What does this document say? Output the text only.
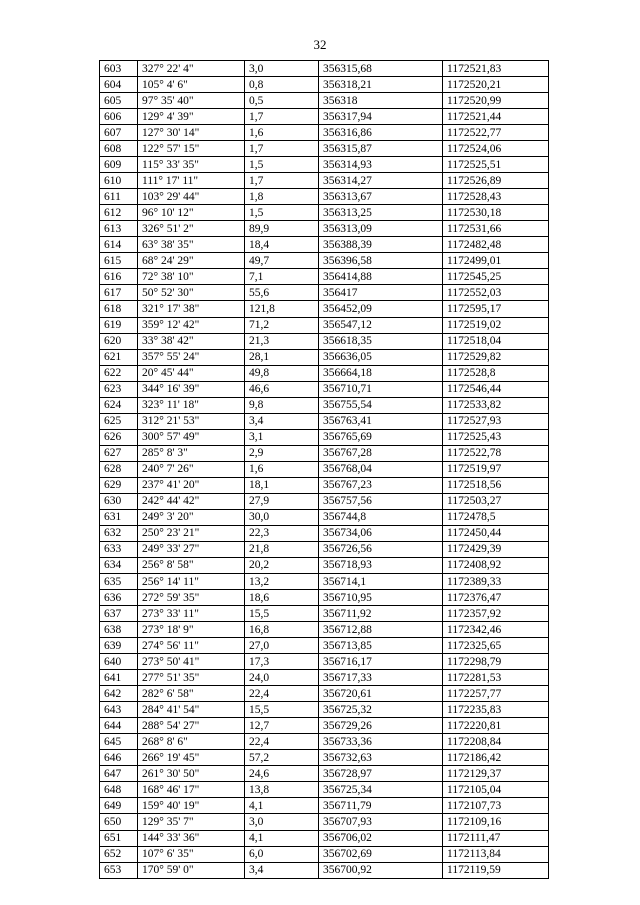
32
603	327° 22' 4"	3,0	356315,68	1172521,83
604	105° 4' 6"	0,8	356318,21	1172520,21
605	97° 35' 40"	0,5	356318	1172520,99
606	129° 4' 39"	1,7	356317,94	1172521,44
607	127° 30' 14"	1,6	356316,86	1172522,77
608	122° 57' 15"	1,7	356315,87	1172524,06
609	115° 33' 35"	1,5	356314,93	1172525,51
610	111° 17' 11"	1,7	356314,27	1172526,89
611	103° 29' 44"	1,8	356313,67	1172528,43
612	96° 10' 12"	1,5	356313,25	1172530,18
613	326° 51' 2"	89,9	356313,09	1172531,66
614	63° 38' 35"	18,4	356388,39	1172482,48
615	68° 24' 29"	49,7	356396,58	1172499,01
616	72° 38' 10"	7,1	356414,88	1172545,25
617	50° 52' 30"	55,6	356417	1172552,03
618	321° 17' 38"	121,8	356452,09	1172595,17
619	359° 12' 42"	71,2	356547,12	1172519,02
620	33° 38' 42"	21,3	356618,35	1172518,04
621	357° 55' 24"	28,1	356636,05	1172529,82
622	20° 45' 44"	49,8	356664,18	1172528,8
623	344° 16' 39"	46,6	356710,71	1172546,44
624	323° 11' 18"	9,8	356755,54	1172533,82
625	312° 21' 53"	3,4	356763,41	1172527,93
626	300° 57' 49"	3,1	356765,69	1172525,43
627	285° 8' 3"	2,9	356767,28	1172522,78
628	240° 7' 26"	1,6	356768,04	1172519,97
629	237° 41' 20"	18,1	356767,23	1172518,56
630	242° 44' 42"	27,9	356757,56	1172503,27
631	249° 3' 20"	30,0	356744,8	1172478,5
632	250° 23' 21"	22,3	356734,06	1172450,44
633	249° 33' 27"	21,8	356726,56	1172429,39
634	256° 8' 58"	20,2	356718,93	1172408,92
635	256° 14' 11"	13,2	356714,1	1172389,33
636	272° 59' 35"	18,6	356710,95	1172376,47
637	273° 33' 11"	15,5	356711,92	1172357,92
638	273° 18' 9"	16,8	356712,88	1172342,46
639	274° 56' 11"	27,0	356713,85	1172325,65
640	273° 50' 41"	17,3	356716,17	1172298,79
641	277° 51' 35"	24,0	356717,33	1172281,53
642	282° 6' 58"	22,4	356720,61	1172257,77
643	284° 41' 54"	15,5	356725,32	1172235,83
644	288° 54' 27"	12,7	356729,26	1172220,81
645	268° 8' 6"	22,4	356733,36	1172208,84
646	266° 19' 45"	57,2	356732,63	1172186,42
647	261° 30' 50"	24,6	356728,97	1172129,37
648	168° 46' 17"	13,8	356725,34	1172105,04
649	159° 40' 19"	4,1	356711,79	1172107,73
650	129° 35' 7"	3,0	356707,93	1172109,16
651	144° 33' 36"	4,1	356706,02	1172111,47
652	107° 6' 35"	6,0	356702,69	1172113,84
653	170° 59' 0"	3,4	356700,92	1172119,59
